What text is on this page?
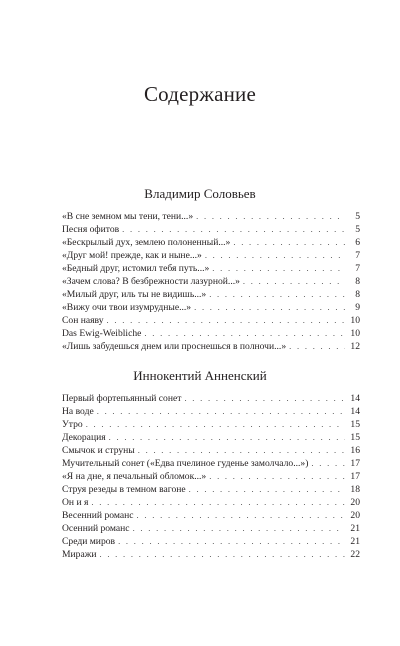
Содержание
Владимир Соловьев
«В сне земном мы тени, тени...» . . .	5
Песня офитов . . .	5
«Бескрылый дух, землею полоненный...» . . .	6
«Друг мой! прежде, как и ныне...» . . .	7
«Бедный друг, истомил тебя путь...» . . .	7
«Зачем слова? В безбрежности лазурной...» . . .	8
«Милый друг, иль ты не видишь...» . . .	8
«Вижу очи твои изумрудные...» . . .	9
Сон наяву . . .	10
Das Ewig-Weibliche . . .	10
«Лишь забудешься днем или проснешься в полночи...» . . .	12
Иннокентий Анненский
Первый фортепьянный сонет . . .	14
На воде . . .	14
Утро . . .	15
Декорация . . .	15
Смычок и струны . . .	16
Мучительный сонет («Едва пчелиное гуденье замолчало...») . . .	17
«Я на дне, я печальный обломок...» . . .	17
Струя резеды в темном вагоне . . .	18
Он и я . . .	20
Весенний романс . . .	20
Осенний романс . . .	21
Среди миров . . .	21
Миражи . . .	22
